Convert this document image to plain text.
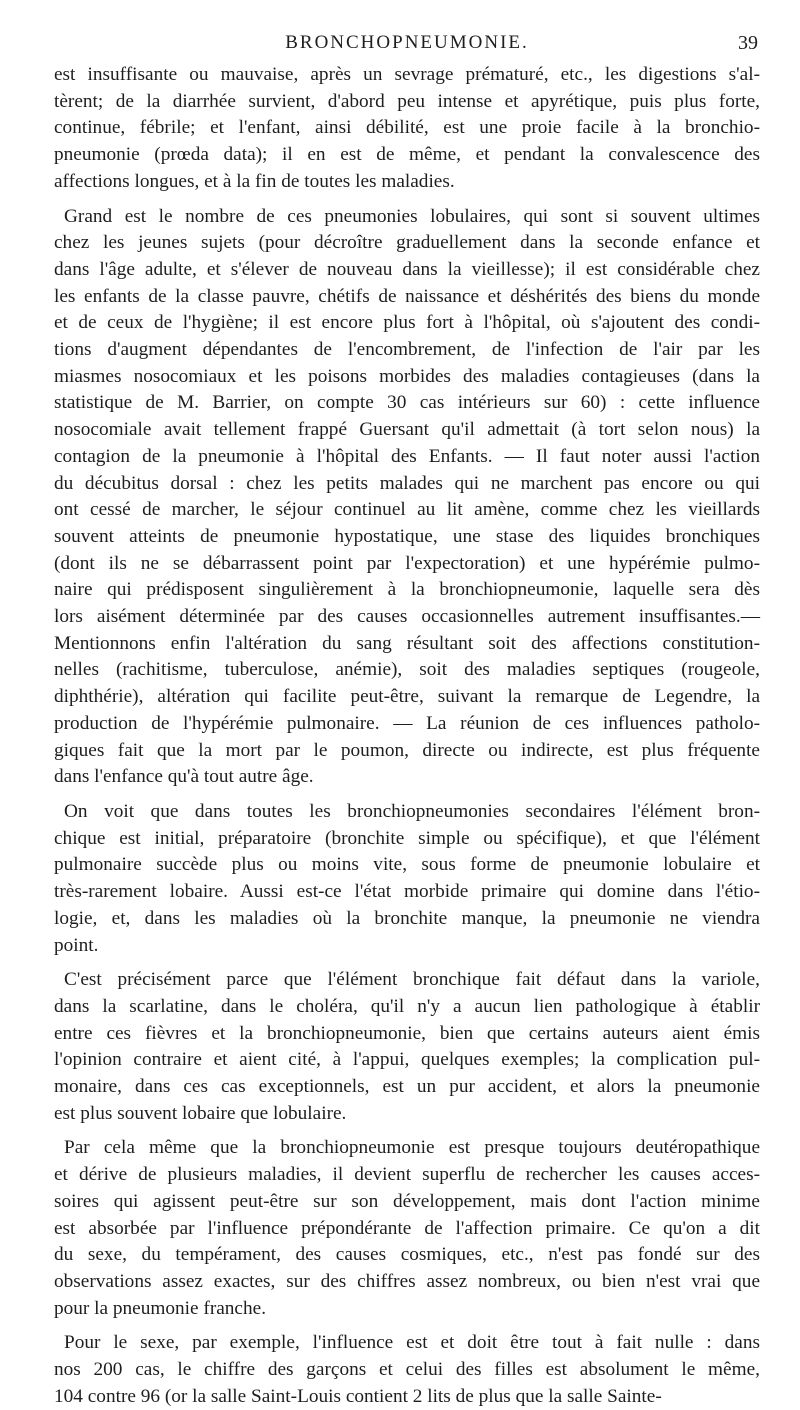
BRONCHOPNEUMONIE.	39

est insuffisante ou mauvaise, après un sevrage prématuré, etc., les digestions s'al-
tèrent; de la diarrhée survient, d'abord peu intense et apyrétique, puis plus forte,
continue, fébrile; et l'enfant, ainsi débilité, est une proie facile à la bronchio-
pneumonie (prœda data); il en est de même, et pendant la convalescence des
affections longues, et à la fin de toutes les maladies.

Grand est le nombre de ces pneumonies lobulaires, qui sont si souvent ultimes
chez les jeunes sujets (pour décroître graduellement dans la seconde enfance et
dans l'âge adulte, et s'élever de nouveau dans la vieillesse); il est considérable chez
les enfants de la classe pauvre, chétifs de naissance et déshérités des biens du monde
et de ceux de l'hygiène; il est encore plus fort à l'hôpital, où s'ajoutent des condi-
tions d'augment dépendantes de l'encombrement, de l'infection de l'air par les
miasmes nosocomiaux et les poisons morbides des maladies contagieuses (dans la
statistique de M. Barrier, on compte 30 cas intérieurs sur 60) : cette influence
nosocomiale avait tellement frappé Guersant qu'il admettait (à tort selon nous) la
contagion de la pneumonie à l'hôpital des Enfants. — Il faut noter aussi l'action
du décubitus dorsal : chez les petits malades qui ne marchent pas encore ou qui
ont cessé de marcher, le séjour continuel au lit amène, comme chez les vieillards
souvent atteints de pneumonie hypostatique, une stase des liquides bronchiques
(dont ils ne se débarrassent point par l'expectoration) et une hypérémie pulmo-
naire qui prédisposent singulièrement à la bronchiopneumonie, laquelle sera dès
lors aisément déterminée par des causes occasionnelles autrement insuffisantes.—
Mentionnons enfin l'altération du sang résultant soit des affections constitution-
nelles (rachitisme, tuberculose, anémie), soit des maladies septiques (rougeole,
diphthérie), altération qui facilite peut-être, suivant la remarque de Legendre, la
production de l'hypérémie pulmonaire. — La réunion de ces influences patholo-
giques fait que la mort par le poumon, directe ou indirecte, est plus fréquente
dans l'enfance qu'à tout autre âge.

On voit que dans toutes les bronchiopneumonies secondaires l'élément bron-
chique est initial, préparatoire (bronchite simple ou spécifique), et que l'élément
pulmonaire succède plus ou moins vite, sous forme de pneumonie lobulaire et
très-rarement lobaire. Aussi est-ce l'état morbide primaire qui domine dans l'étio-
logie, et, dans les maladies où la bronchite manque, la pneumonie ne viendra
point.

C'est précisément parce que l'élément bronchique fait défaut dans la variole,
dans la scarlatine, dans le choléra, qu'il n'y a aucun lien pathologique à établir
entre ces fièvres et la bronchiopneumonie, bien que certains auteurs aient émis
l'opinion contraire et aient cité, à l'appui, quelques exemples; la complication pul-
monaire, dans ces cas exceptionnels, est un pur accident, et alors la pneumonie
est plus souvent lobaire que lobulaire.

Par cela même que la bronchiopneumonie est presque toujours deutéropathique
et dérive de plusieurs maladies, il devient superflu de rechercher les causes acces-
soires qui agissent peut-être sur son développement, mais dont l'action minime
est absorbée par l'influence prépondérante de l'affection primaire. Ce qu'on a dit
du sexe, du tempérament, des causes cosmiques, etc., n'est pas fondé sur des
observations assez exactes, sur des chiffres assez nombreux, ou bien n'est vrai que
pour la pneumonie franche.

Pour le sexe, par exemple, l'influence est et doit être tout à fait nulle : dans
nos 200 cas, le chiffre des garçons et celui des filles est absolument le même,
104 contre 96 (or la salle Saint-Louis contient 2 lits de plus que la salle Sainte-
